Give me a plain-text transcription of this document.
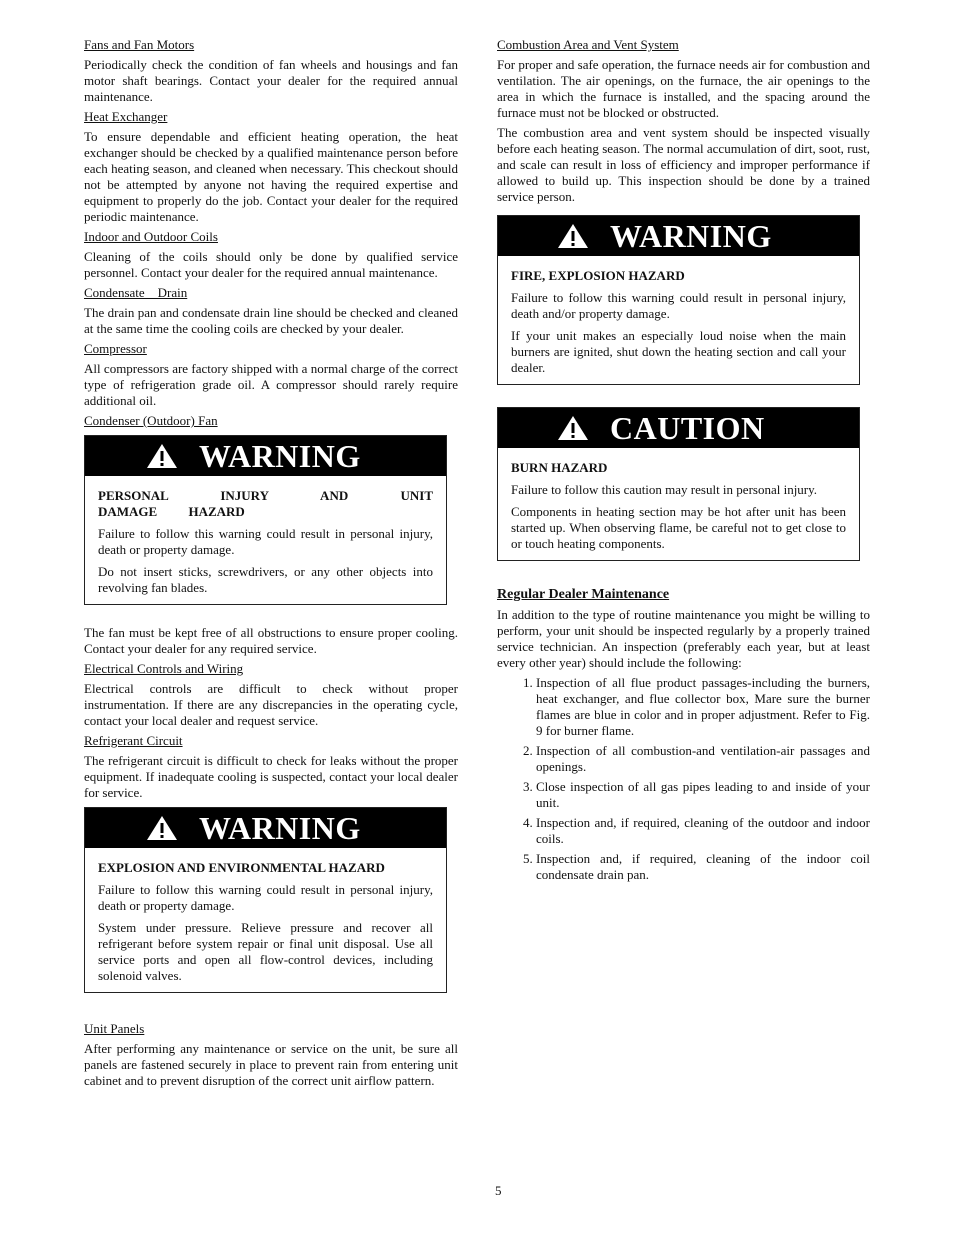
Fans and Fan Motors

Periodically check the condition of fan wheels and housings and fan motor shaft bearings. Contact your dealer for the required annual maintenance.

Heat Exchanger

To ensure dependable and efficient heating operation, the heat exchanger should be checked by a qualified maintenance person before each heating season, and cleaned when necessary. This checkout should not be attempted by anyone not having the required expertise and equipment to properly do the job. Contact your dealer for the required periodic maintenance.

Indoor and Outdoor Coils

Cleaning of the coils should only be done by qualified service personnel. Contact your dealer for the required annual maintenance.

Condensate    Drain

The drain pan and condensate drain line should be checked and cleaned at the same time the cooling coils are checked by your dealer.

Compressor

All compressors are factory shipped with a normal charge of the correct type of refrigeration grade oil. A compressor should rarely require additional oil.

Condenser (Outdoor) Fan

WARNING

PERSONAL INJURY AND UNIT DAMAGE HAZARD

Failure to follow this warning could result in personal injury, death or property damage.

Do not insert sticks, screwdrivers, or any other objects into revolving fan blades.

The fan must be kept free of all obstructions to ensure proper cooling. Contact your dealer for any required service.

Electrical Controls and Wiring

Electrical controls are difficult to check without proper instrumentation. If there are any discrepancies in the operating cycle, contact your local dealer and request service.

Refrigerant Circuit

The refrigerant circuit is difficult to check for leaks without the proper equipment. If inadequate cooling is suspected, contact your local dealer for service.

WARNING

EXPLOSION AND ENVIRONMENTAL HAZARD

Failure to follow this warning could result in personal injury, death or property damage.

System under pressure. Relieve pressure and recover all refrigerant before system repair or final unit disposal. Use all service ports and open all flow-control devices, including solenoid valves.

Unit Panels

After performing any maintenance or service on the unit, be sure all panels are fastened securely in place to prevent rain from entering unit cabinet and to prevent disruption of the correct unit airflow pattern.

Combustion Area and Vent System

For proper and safe operation, the furnace needs air for combustion and ventilation. The air openings, on the furnace, the air openings to the area in which the furnace is installed, and the spacing around the furnace must not be blocked or obstructed.

The combustion area and vent system should be inspected visually before each heating season. The normal accumulation of dirt, soot, rust, and scale can result in loss of efficiency and improper performance if allowed to build up. This inspection should be done by a trained service person.

WARNING

FIRE, EXPLOSION HAZARD

Failure to follow this warning could result in personal injury, death and/or property damage.

If your unit makes an especially loud noise when the main burners are ignited, shut down the heating section and call your dealer.

CAUTION

BURN HAZARD

Failure to follow this caution may result in personal injury.

Components in heating section may be hot after unit has been started up. When observing flame, be careful not to get close to or touch heating components.

Regular Dealer Maintenance

In addition to the type of routine maintenance you might be willing to perform, your unit should be inspected regularly by a properly trained service technician. An inspection (preferably each year, but at least every other year) should include the following:

1. Inspection of all flue product passages-including the burners, heat exchanger, and flue collector box, Mare sure the burner flames are blue in color and in proper adjustment. Refer to Fig. 9 for burner flame.
2. Inspection of all combustion-and ventilation-air passages and openings.
3. Close inspection of all gas pipes leading to and inside of your unit.
4. Inspection and, if required, cleaning of the outdoor and indoor coils.
5. Inspection and, if required, cleaning of the indoor coil condensate drain pan.
5
